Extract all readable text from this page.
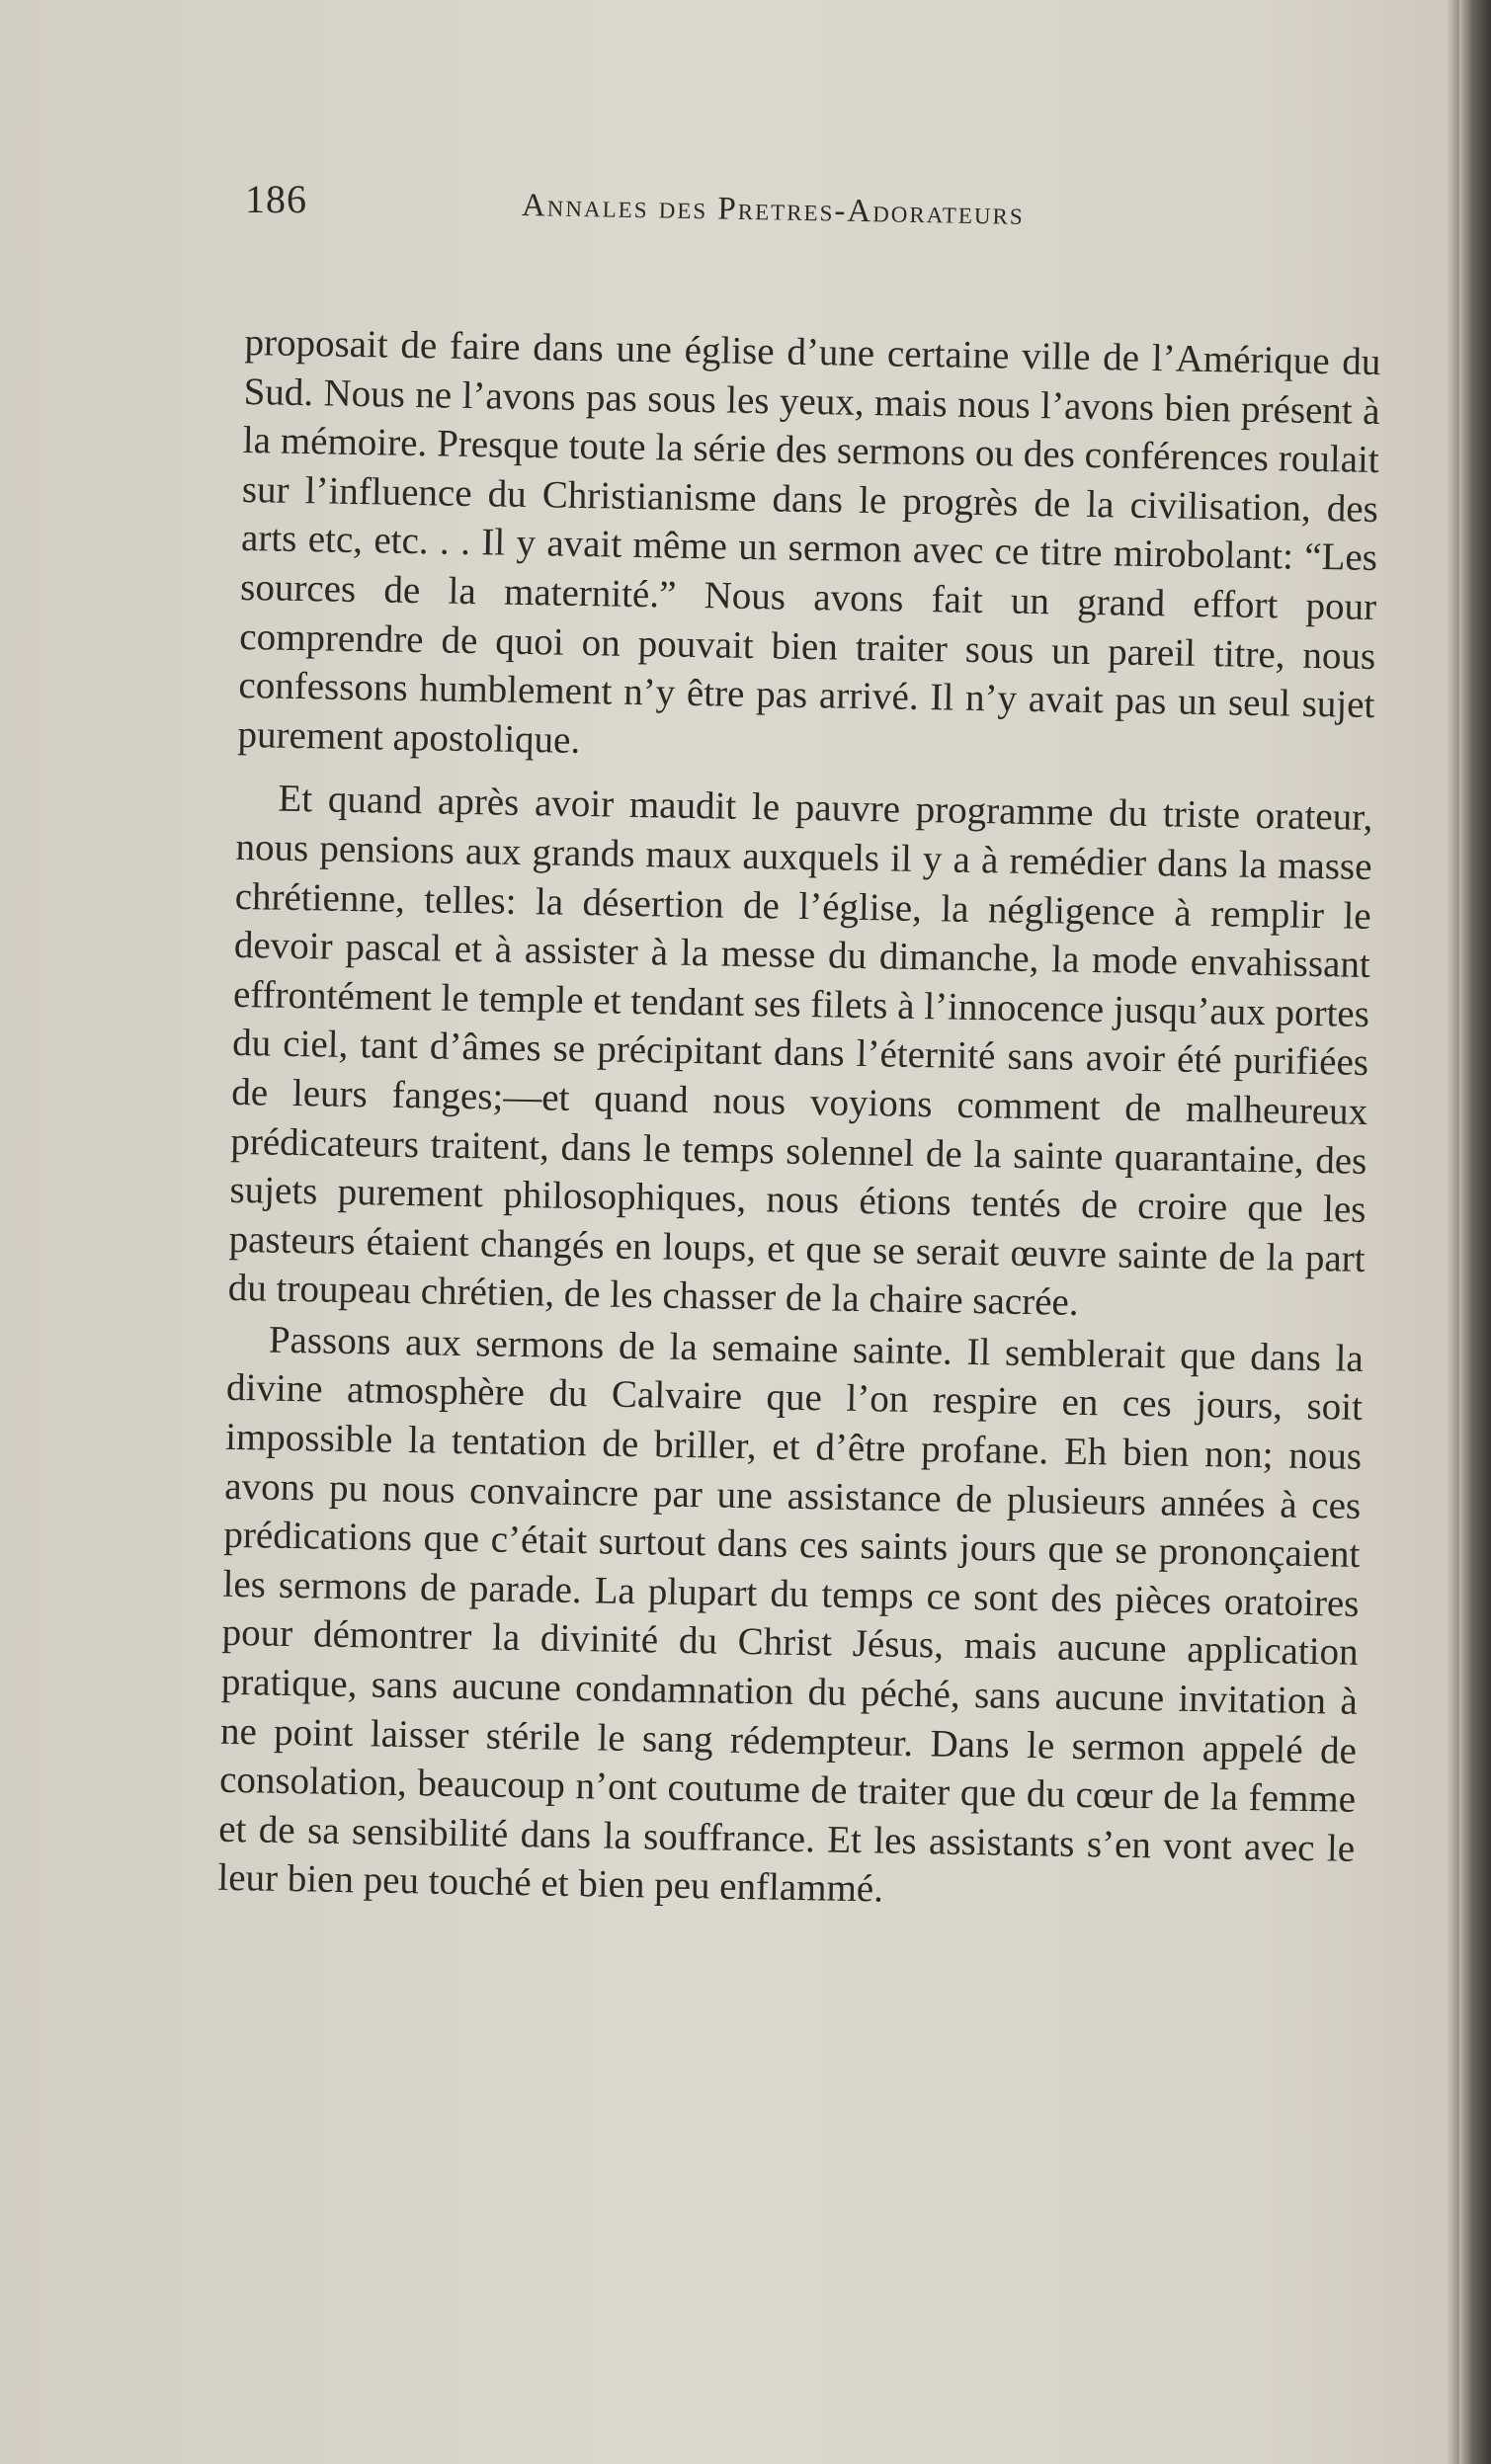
186	Annales des Pretres-Adorateurs

proposait de faire dans une église d’une certaine ville de l’Amérique du Sud. Nous ne l’avons pas sous les yeux, mais nous l’avons bien présent à la mémoire. Presque toute la série des sermons ou des conférences roulait sur l’influence du Christianisme dans le progrès de la civilisation, des arts etc, etc. . . Il y avait même un sermon avec ce titre mirobolant: “Les sources de la maternité.” Nous avons fait un grand effort pour comprendre de quoi on pouvait bien traiter sous un pareil titre, nous confessons humblement n’y être pas arrivé. Il n’y avait pas un seul sujet purement apostolique.

Et quand après avoir maudit le pauvre programme du triste orateur, nous pensions aux grands maux auxquels il y a à remédier dans la masse chrétienne, telles: la désertion de l’église, la négligence à remplir le devoir pascal et à assister à la messe du dimanche, la mode envahissant effrontément le temple et tendant ses filets à l’innocence jusqu’aux portes du ciel, tant d’âmes se précipitant dans l’éternité sans avoir été purifiées de leurs fanges;—et quand nous voyions comment de malheureux prédicateurs traitent, dans le temps solennel de la sainte quarantaine, des sujets purement philosophiques, nous étions tentés de croire que les pasteurs étaient changés en loups, et que se serait œuvre sainte de la part du troupeau chrétien, de les chasser de la chaire sacrée.

Passons aux sermons de la semaine sainte. Il semblerait que dans la divine atmosphère du Calvaire que l’on respire en ces jours, soit impossible la tentation de briller, et d’être profane. Eh bien non; nous avons pu nous convaincre par une assistance de plusieurs années à ces prédications que c’était surtout dans ces saints jours que se prononçaient les sermons de parade. La plupart du temps ce sont des pièces oratoires pour démontrer la divinité du Christ Jésus, mais aucune application pratique, sans aucune condamnation du péché, sans aucune invitation à ne point laisser stérile le sang rédempteur. Dans le sermon appelé de consolation, beaucoup n’ont coutume de traiter que du cœur de la femme et de sa sensibilité dans la souffrance. Et les assistants s’en vont avec le leur bien peu touché et bien peu enflammé.
